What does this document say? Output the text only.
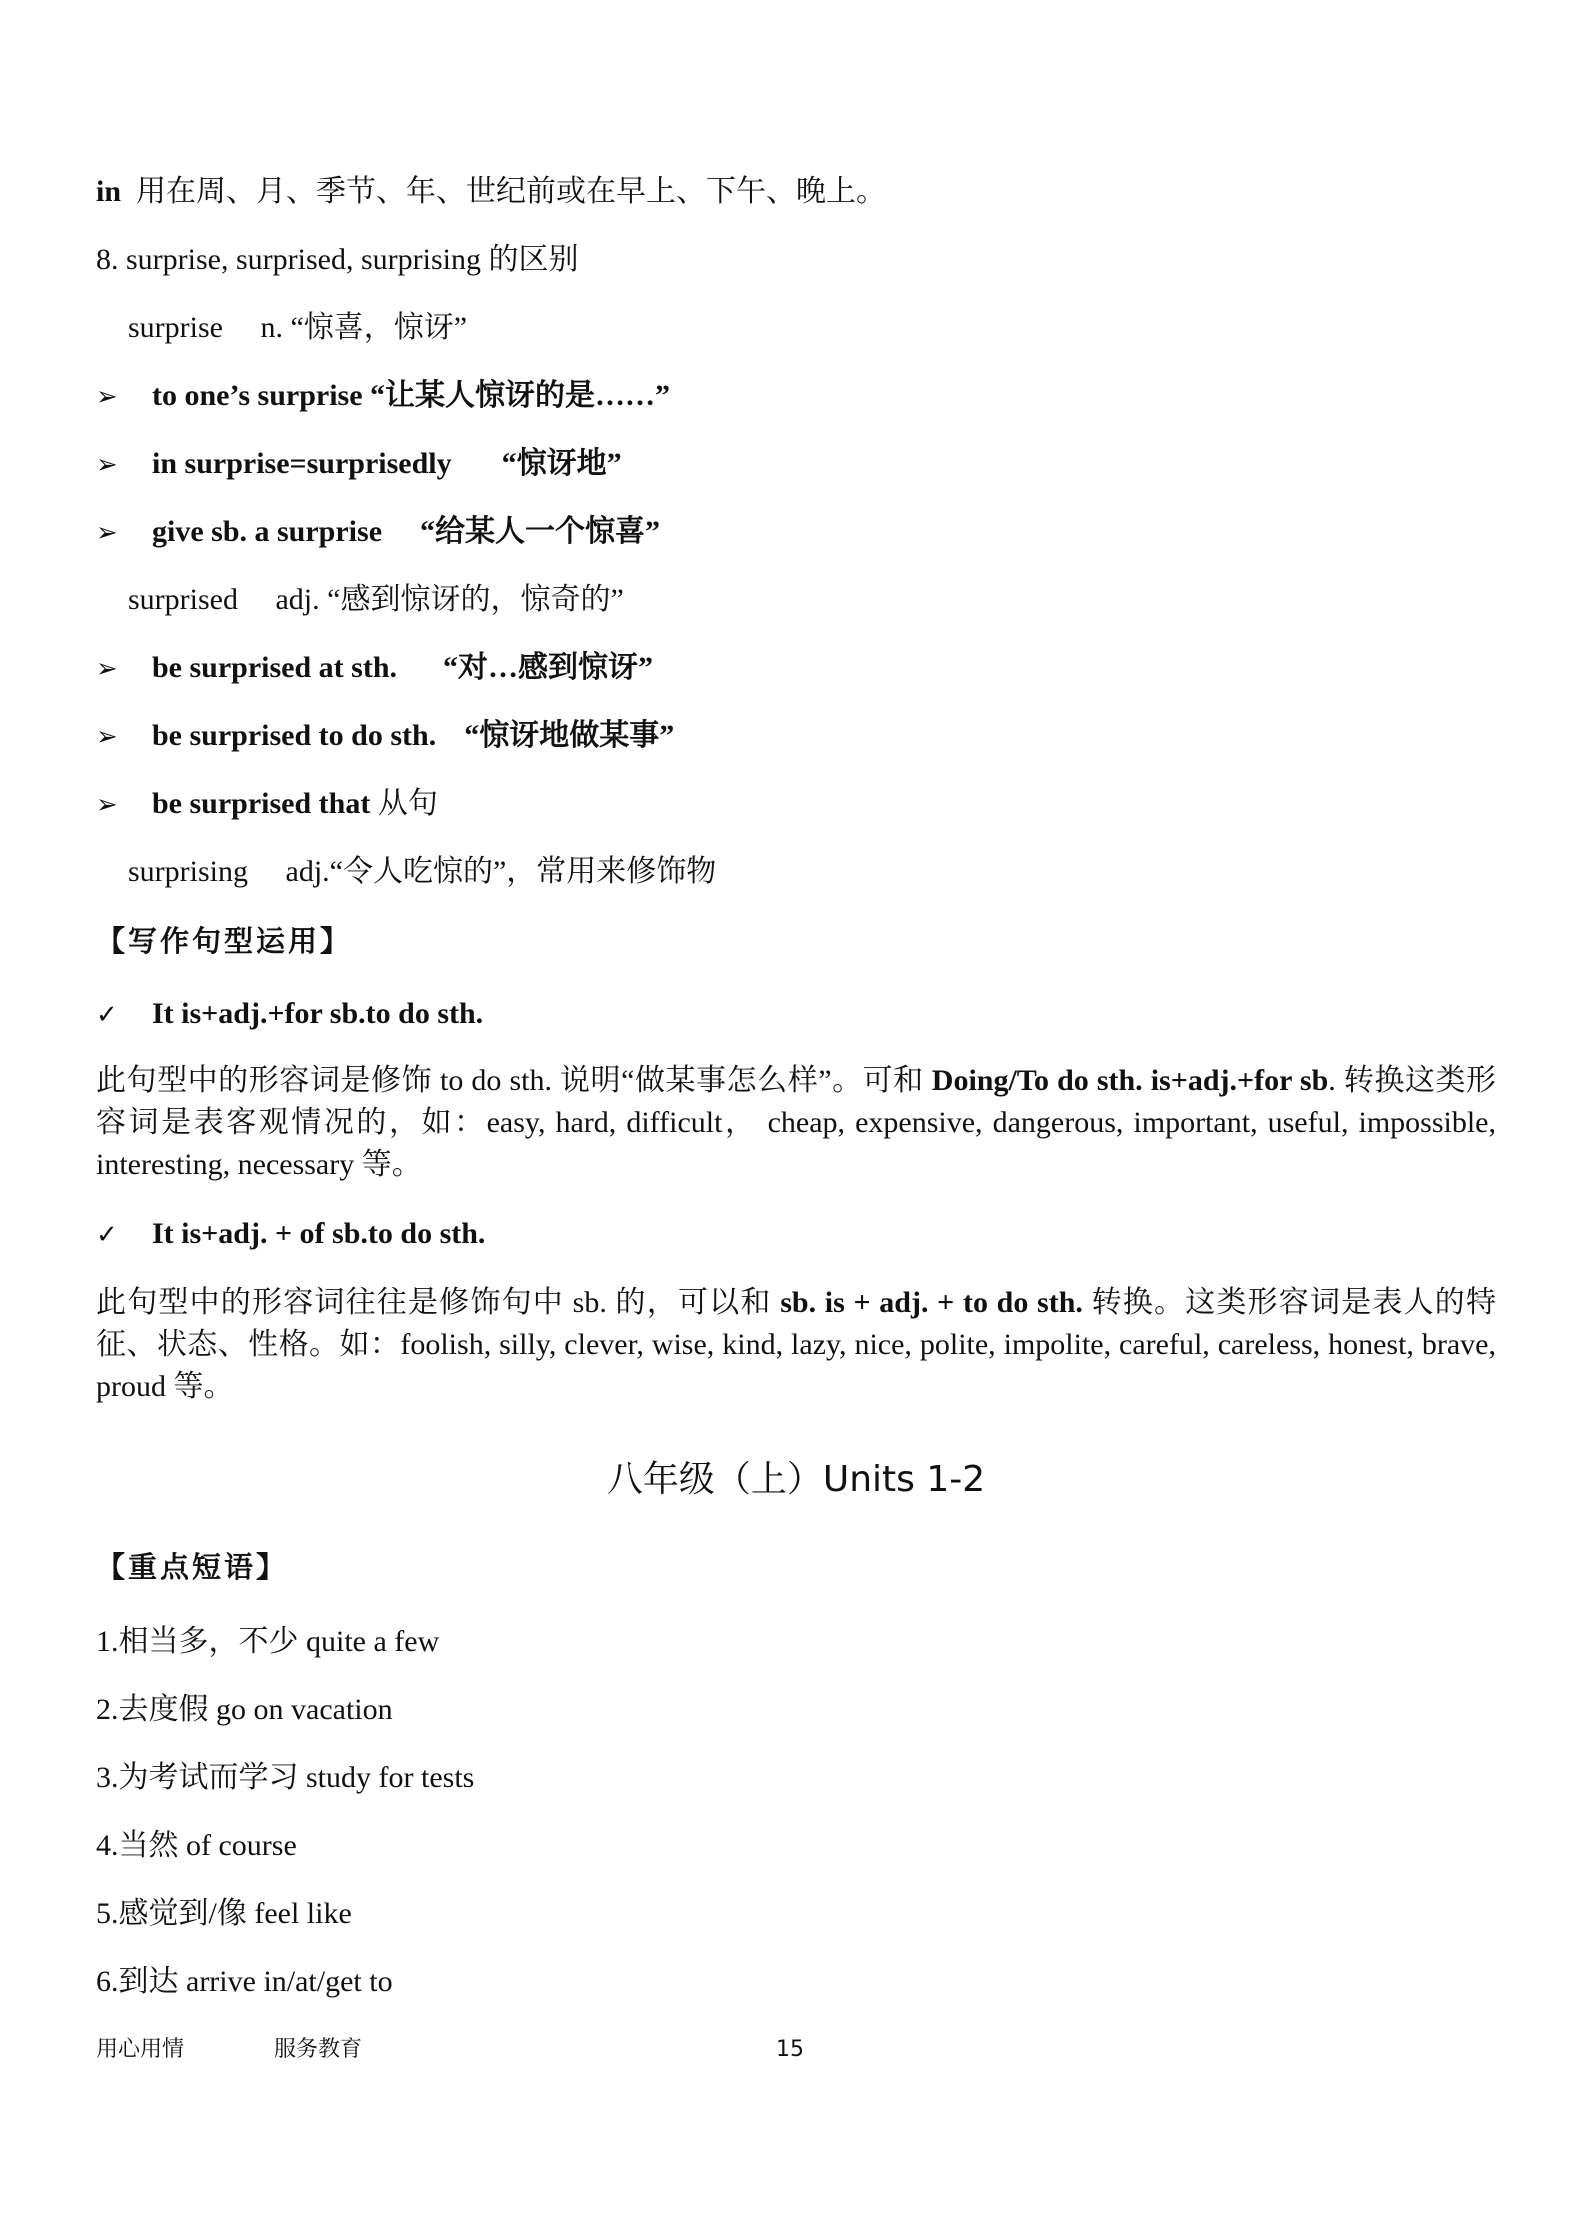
in 用在周、月、季节、年、世纪前或在早上、下午、晚上。
8. surprise, surprised, surprising 的区别
surprise n. “惊喜，惊讶”
➢ to one’s surprise “让某人惊讶的是……”
➢ in surprise=surprisedly “惊讶地”
➢ give sb. a surprise “给某人一个惊喜”
surprised adj. “感到惊讶的，惊奇的”
➢ be surprised at sth. “对…感到惊讶”
➢ be surprised to do sth. “惊讶地做某事”
➢ be surprised that 从句
surprising adj.“令人吃惊的”，常用来修饰物
【写作句型运用】
✓ It is+adj.+for sb.to do sth.
此句型中的形容词是修饰 to do sth. 说明“做某事怎么样”。可和 Doing/To do sth. is+adj.+for sb. 转换这类形容词是表客观情况的，如：easy, hard, difficult， cheap, expensive, dangerous, important, useful, impossible, interesting, necessary 等。
✓ It is+adj. + of sb.to do sth.
此句型中的形容词往往是修饰句中 sb. 的，可以和 sb. is + adj. + to do sth. 转换。这类形容词是表人的特征、状态、性格。如：foolish, silly, clever, wise, kind, lazy, nice, polite, impolite, careful, careless, honest, brave, proud 等。
八年级（上）Units 1-2
【重点短语】
1.相当多，不少 quite a few
2.去度假 go on vacation
3.为考试而学习 study for tests
4.当然 of course
5.感觉到/像 feel like
6.到达 arrive in/at/get to
用心用情	服务教育	15
